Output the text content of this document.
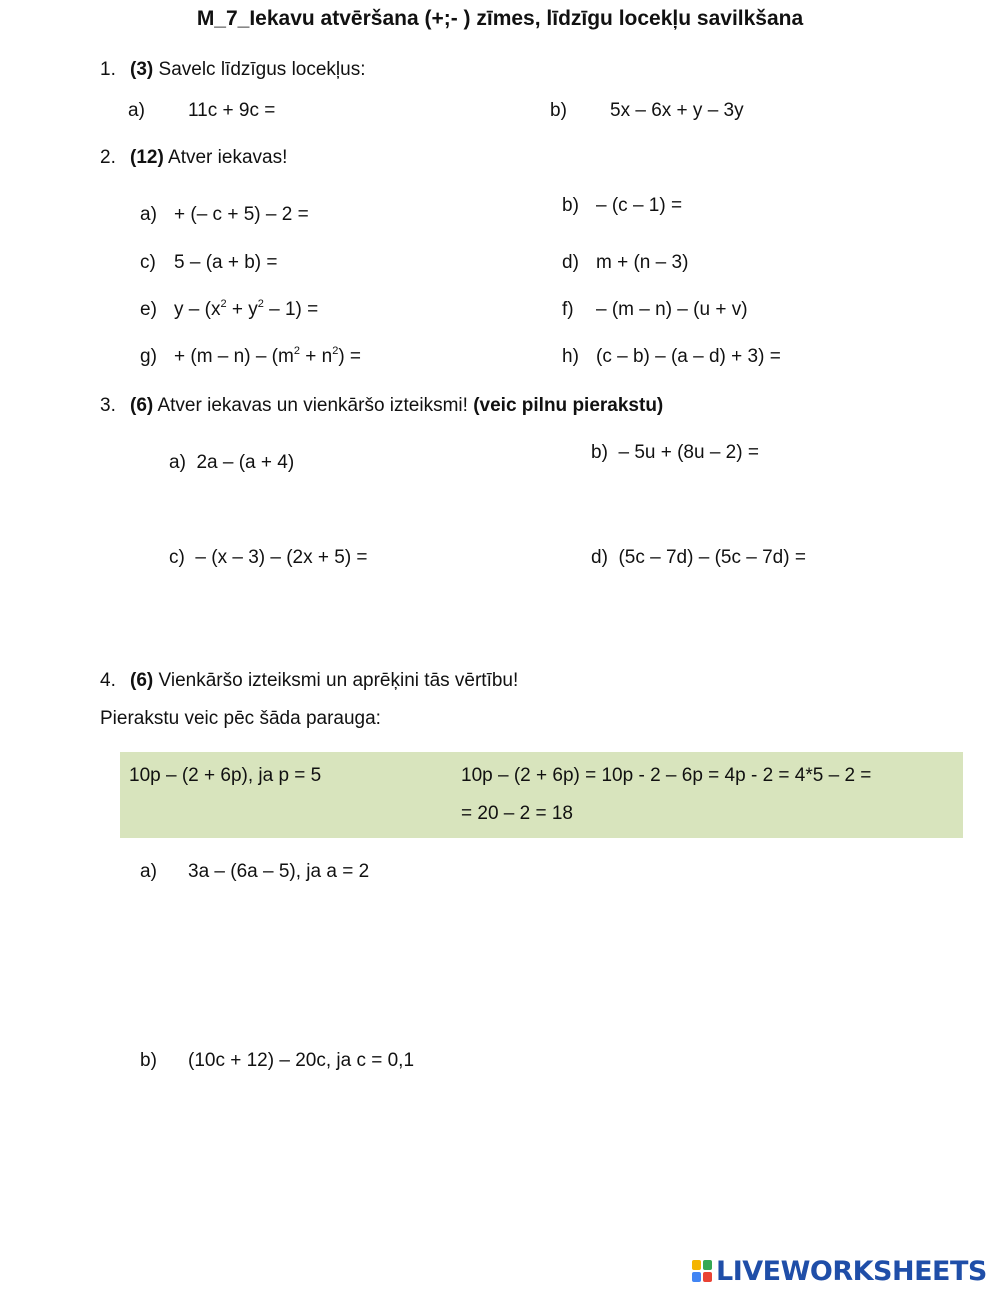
M_7_Iekavu atvēršana (+;- ) zīmes, līdzīgu locekļu savilkšana
1. (3) Savelc līdzīgus locekļus:
a) 11c + 9c =	b) 5x – 6x + y – 3y
2. (12) Atver iekavas!
a) + (– c + 5) – 2 =	b) – (c – 1) =
c) 5 – (a + b) =	d) m + (n – 3)
e) $y - (x^2 + y^2 - 1)$ =	f) – (m – n) – (u + v)
$g) + (m - n) - (m^2 + n^2)$ =	h) (c – b) – (a – d) + 3) =
3. (6) Atver iekavas un vienkāršo izteiksmi! (veic pilnu pierakstu)
a) 2a – (a + 4)	b) – 5u + (8u – 2) =
c) – (x – 3) – (2x + 5) =	d) (5c – 7d) – (5c – 7d) =
4. (6) Vienkāršo izteiksmi un aprēķini tās vērtību!
Pierakstu veic pēc šāda parauga:
10p – (2 + 6p), ja p = 5	10p – (2 + 6p) = 10p - 2 – 6p = 4p - 2 = 4*5 – 2 =
= 20 – 2 = 18
a) 3a – (6a – 5), ja a = 2
b) (10c + 12) – 20c, ja c = 0,1
LIVEWORKSHEETS
